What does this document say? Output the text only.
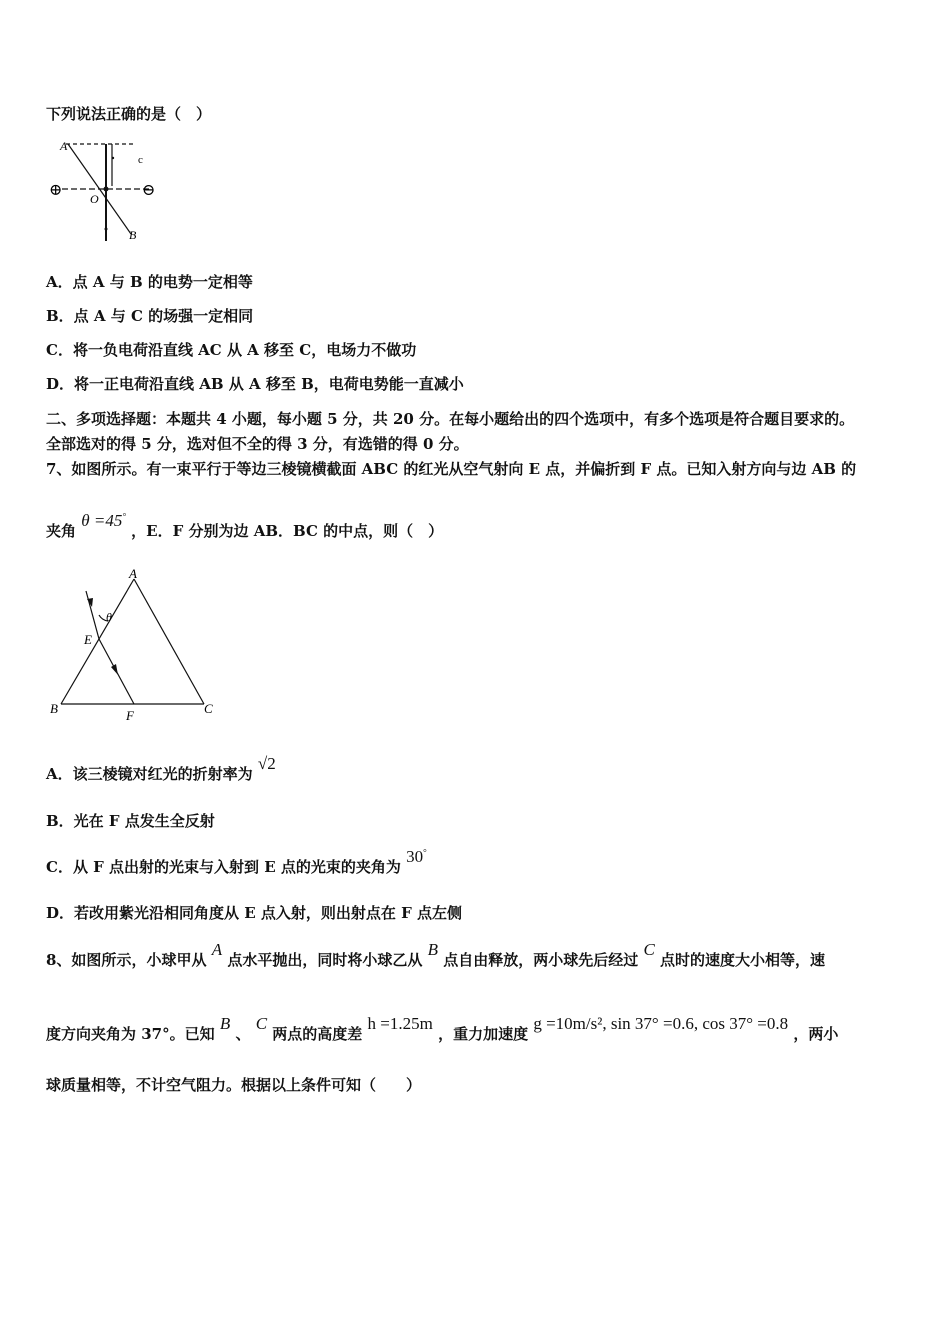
下列说法正确的是（　）
A
c
O
B
⊕	⊖
A．点 A 与 B 的电势一定相等
B．点 A 与 C 的场强一定相同
C．将一负电荷沿直线 AC 从 A 移至 C，电场力不做功
D．将一正电荷沿直线 AB 从 A 移至 B，电荷电势能一直减小
二、多项选择题：本题共 4 小题，每小题 5 分，共 20 分。在每小题给出的四个选项中，有多个选项是符合题目要求的。
全部选对的得 5 分，选对但不全的得 3 分，有选错的得 0 分。
7、如图所示。有一束平行于等边三棱镜横截面 ABC 的红光从空气射向 E 点，并偏折到 F 点。已知入射方向与边 AB 的
夹角 θ =45° ，E．F 分别为边 AB．BC 的中点，则（　）
A
B	C
E
F
θ
A．该三棱镜对红光的折射率为 √2
B．光在 F 点发生全反射
C．从 F 点出射的光束与入射到 E 点的光束的夹角为 30°
D．若改用紫光沿相同角度从 E 点入射，则出射点在 F 点左侧
8、如图所示，小球甲从 A 点水平抛出，同时将小球乙从 B 点自由释放，两小球先后经过 C 点时的速度大小相等，速
度方向夹角为 37°。已知 B 、 C 两点的高度差 h =1.25m ，重力加速度 g =10m/s², sin 37° =0.6, cos 37° =0.8 ，两小
球质量相等，不计空气阻力。根据以上条件可知（　　）
